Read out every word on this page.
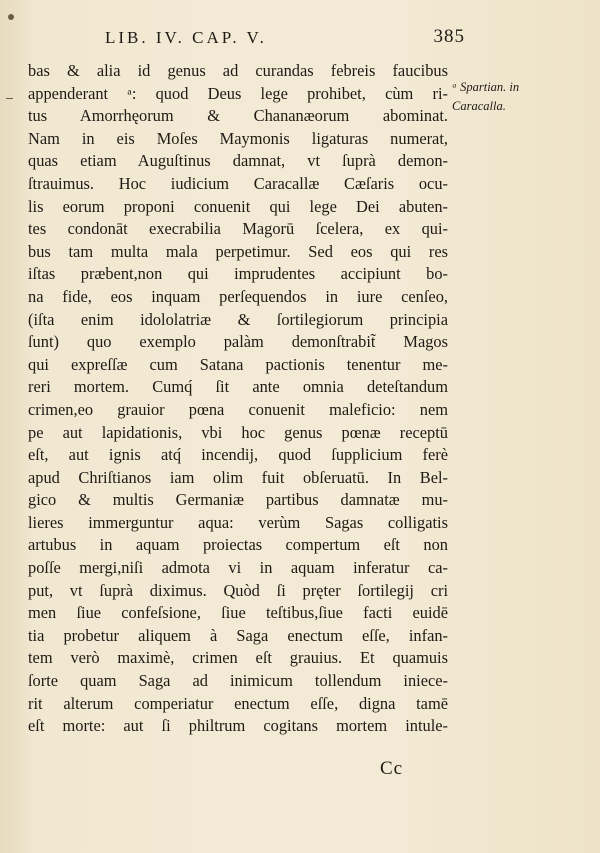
LIB. IV. CAP. V.	385
bas & alia id genus ad curandas febreis faucibus
appenderant ᵃ: quod Deus lege prohibet, cùm ri-
tus Amorrhęorum & Chananæorum abominat.
Nam in eis Moſes Maymonis ligaturas numerat,
quas etiam Auguſtinus damnat, vt ſuprà demon-
ſtrauimus. Hoc iudicium Caracallæ Cæſaris ocu-
lis eorum proponi conuenit qui lege Dei abuten-
tes condonāt execrabilia Magorū ſcelera, ex qui-
bus tam multa mala perpetimur. Sed eos qui res
iſtas præbent,non qui imprudentes accipiunt bo-
na fide, eos inquam perſequendos in iure cenſeo,
(iſta enim idololatriæ & ſortilegiorum principia
ſunt) quo exemplo palàm demonſtrabit̃ Magos
qui expreſſæ cum Satana pactionis tenentur me-
reri mortem. Cumq́ ſit ante omnia deteſtandum
crimen,eo grauior pœna conuenit maleficio: nem
pe aut lapidationis, vbi hoc genus pœnæ receptū
eſt, aut ignis atq́ incendij, quod ſupplicium ferè
apud Chriſtianos iam olim fuit obſeruatū. In Bel-
gico & multis Germaniæ partibus damnatæ mu-
lieres immerguntur aqua: verùm Sagas colligatis
artubus in aquam proiectas compertum eſt non
poſſe mergi,niſi admota vi in aquam inferatur ca-
put, vt ſuprà diximus. Quòd ſi pręter ſortilegij cri
men ſiue confeſsione, ſiue teſtibus,ſiue facti euidē
tia probetur aliquem à Saga enectum eſſe, infan-
tem verò maximè, crimen eſt grauius. Et quamuis
ſorte quam Saga ad inimicum tollendum iniece-
rit alterum comperiatur enectum eſſe, digna tamē
eſt morte: aut ſi philtrum cogitans mortem intule-
ᵃ Spartian. in
Caracalla.
Cc
